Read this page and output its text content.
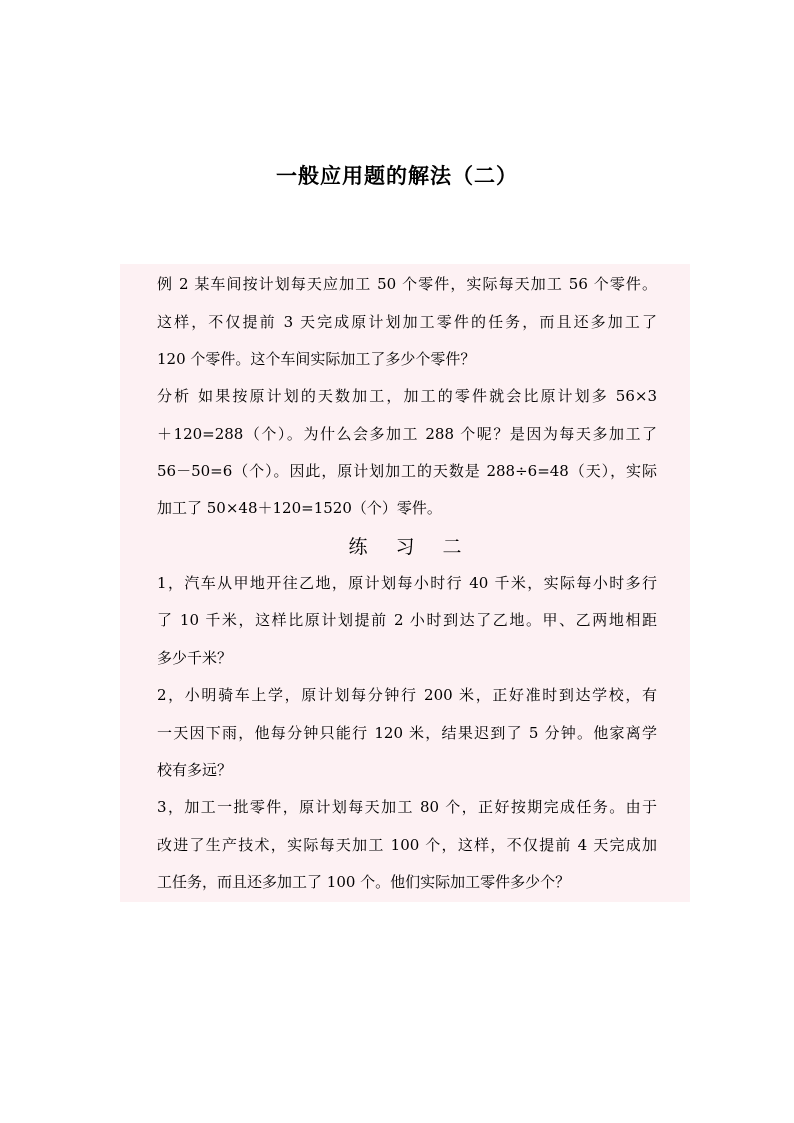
一般应用题的解法（二）

例 2 某车间按计划每天应加工 50 个零件，实际每天加工 56 个零件。

这样，不仅提前 3 天完成原计划加工零件的任务，而且还多加工了

120 个零件。这个车间实际加工了多少个零件？

分析 如果按原计划的天数加工，加工的零件就会比原计划多 56×3

＋120=288（个）。为什么会多加工 288 个呢？是因为每天多加工了

56－50=6（个）。因此，原计划加工的天数是 288÷6=48（天），实际

加工了 50×48＋120=1520（个）零件。

练习二

1，汽车从甲地开往乙地，原计划每小时行 40 千米，实际每小时多行

了 10 千米，这样比原计划提前 2 小时到达了乙地。甲、乙两地相距

多少千米？

2，小明骑车上学，原计划每分钟行 200 米，正好准时到达学校，有

一天因下雨，他每分钟只能行 120 米，结果迟到了 5 分钟。他家离学

校有多远？

3，加工一批零件，原计划每天加工 80 个，正好按期完成任务。由于

改进了生产技术，实际每天加工 100 个，这样，不仅提前 4 天完成加

工任务，而且还多加工了 100 个。他们实际加工零件多少个？
